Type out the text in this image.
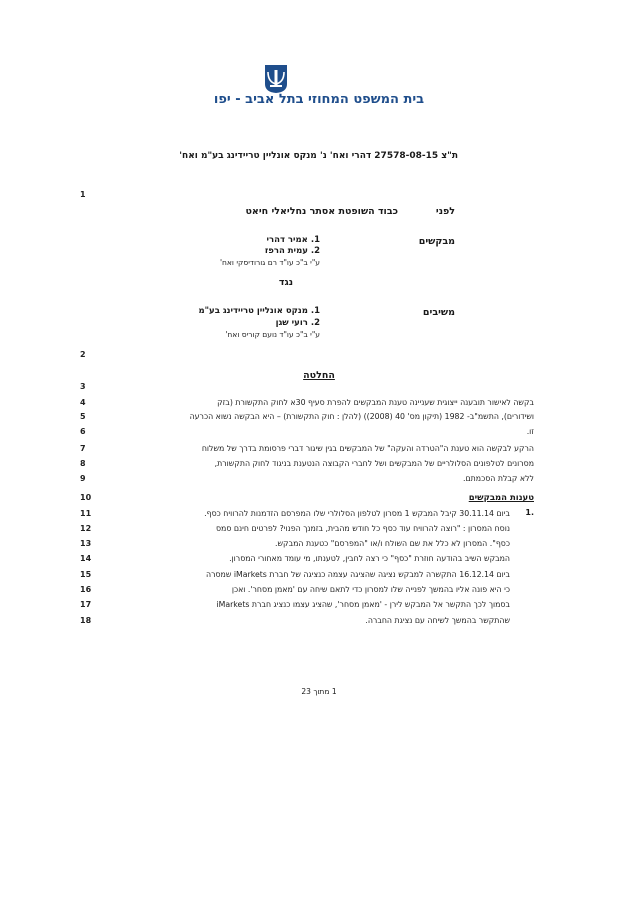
בית המשפט המחוזי בתל אביב - יפו
ת"צ 27578-08-15 דהרי ואח' נ' מנקס אונליין טריידינג בע"מ ואח'
לפני
כבוד השופטת אסתר נחליאלי חיאט
מבקשים
1. אמיר דהרי
2. עמית הרפז
ע"י ב"כ עו"ד רם גורודיסקי ואח'
נגד
משיבים
1. מנקס אונליין טריידינג בע"מ
2. רועי שגן
ע"י ב"כ עו"ד נועם קוריס ואח'
החלטה
1
2
3
4
5
6
7
8
9
10
11
12
13
14
15
16
17
18
בקשה לאישור תובענה ייצוגית שעניינה טענת המבקשים להפרת סעיף 30א לחוק התקשורת (בזק
ושידורים), התשמ"ב- 1982 (תיקון מס' 40 (2008)) (להלן : חוק התקשורת) – היא הבקשה נשוא הכרעה
זו.
הרקע לבקשה הוא טענת ה"הטרדה והעקה" של המבקשים בגין שיגור דברי פרסומת בדרך של משלוח
מסרונים לטלפונים הסלולריים של המבקשים ושל לחברי הקבוצה הנטענת בניגוד לחוק התקשורת,
ללא קבלת הסכמתם.
טענות המבקשים
1.
ביום 30.11.14 קיבל המבקש 1 מסרון לטלפון הסלולרי שלו המפרסם הזדמנות להרוויח כסף.
נוסח המסרון : "רוצה להרוויח עוד כסף כל חודש מהבית, בזמנך הפנוי? לפרטים חינם סמס
כסף". המסרון לא כלל את שם השולח ו/או "המפרסם" כטענת המבקש.
המבקש השיב בהודעה חוזרת "כסף" כי רצה לחבין, לטענתו, מי עומד מאחורי המסרון.
ביום 16.12.14 התקשרה למבקש נציגה שהציגה עצמה כנציגה של חברת iMarkets שמסרה
כי היא פונה אליו בהמשך לפנייה שלו למסרון כדי לתאם שיחה עם 'מאמן מסחר'. ואכן
בסמוך לכך התקשר אל המבקש לירן - 'מאמן מסחר', שהציג עצמו כנציג חברת iMarkets
שהתקשר בהמשך לשיחה עם נציגת החברה.
1 מתוך 23
